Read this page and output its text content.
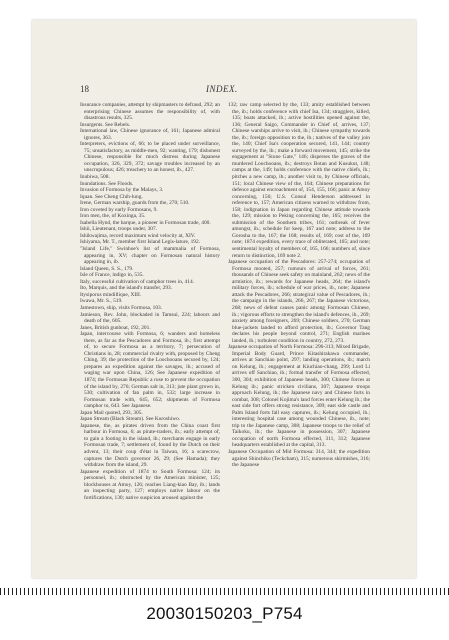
18	INDEX.

Insurance companies, attempt by shipmasters to defraud, 292; an enterprising Chinese assumes the responsibility of, with disastrous results, 325.

Insurgents. See Rebels.

International law, Chinese ignorance of, 161; Japanese admiral ignores, 363.

Interpreters, evictions of, 66; to be placed under surveillance, 75; unsatisfactory, as middle-men, 92; wanting, 179; dishonest Chinese, responsible for much distress during Japanese occupation, 326, 329, 372; savage troubles increased by an unscrupulous; 426; treachery to an honest, ib., 427.

Inubiwa, 508.

Inundations. See Floods.

Invasion of Formosa by the Malays, 3.

Iquan. See Cheng Chih-lung.

Irene, German warship, guards from the, 270; 510.

Iron coveted by early Formosans, 9.

Iron men, the, of Koxinga, 35.

Isabella Hynd, the barque, a pioneer in Formosan trade, 400.

Ishii, Lieutenant, troops under, 307.

Ishikwajima, record maximum wind velocity at, XIV.

Ishiyama, Mr. T., member first Island Legis-lature, 192.

"Island Life," Swinhoe's list of mammalia of Formosa, appearing in, XV; chapter on Formosan natural history appearing in, ib.

Island Queen, S. S., 179.

Isle of France, indigo in, 535.

Italy, successful cultivation of camphor trees in, 414.

Ito, Marquis, and the island's transfer, 293.

Itysiporus mindillique, XIII.

Iwawa, Mr. S., 519.

Jamestown, ship, visits Formosa, 103.

Jamieson, Rev. John, blockaded in Tamsui, 224; labours and death of the, 605.

Janes, British gunboat, 192, 201.

Japan, intercourse with Formosa, 6; wanders and homeless there, as far as the Pescadores and Formosa, ib.; first attempt of, to secure Formosa as a territory, 7; persecution of Christians in, 28; commercial rivalry with, proposed by Cheng Ching, 39; the protection of the Loochooans secured by, 124; prepares an expedition against the savages, ib.; accused of waging war upon China, 126; See Japanese expedition of 1874; the Formosan Republic a ruse to prevent the occupation of the island by, 276; German salt in, 313; jute plant grown in, 530; cultivation of fan palm in, 532; large increase in Formosan trade with, 645, 652; shipments of Formosa camphor to, 643. See Japanese.

Japan Mail quoted, 293, 305.

Japan Stream (Black Stream). See Kuroshiwo.

Japanese, the, as pirates driven from the China coast first harbour in Formosa, 6; as pirate-traders, ib.; early attempt of, to gain a footing in the island, ib.; merchants engage in early Formosan trade, 7; settlement of, found by the Dutch on their advent, 13; their coup d'état in Taiwan, 16; a scarecrow, captures the Dutch governor 26, 29; (See Hamada); they withdraw from the island, 29.

Japanese expedition of 1874 to South Formosa: 124; its personnel, ib.; obstructed by the American minister, 125; blockhouses at Amoy, 126; reaches Liang-kiao Bay, ib.; lands an inspecting party, 127; employs native labour on the fortifications, 130; native suspicion aroused against the

132; raw camp selected by the, 133; amity established between the, ib.; holds conference with chief Isa, 134; stragglers, killed, 135; boats attacked, ib.; active hostilities opened against the, 136; General Saigo, Commander in Chief of, arrives, 137; Chinese warships arrive to visit, ib.; Chinese sympathy towards the, ib.; foreign opposition to the, ib.; natives of the valley join the, 140; Chief Isa's cooperation secured, 141, 144; country surveyed by the, ib.; make a forward movement, 145; strike the engagement at "Stone Gate," 146; disperses the graves of the murdered Loochooans, ib.; destroys Botan and Kusukut, 148; camps at the, 149; holds conference with the native chiefs, ib.; pitches a new camp, ib.; another visit to, by Chinese officials, 151; local Chinese view of the, 164; Chinese preparations for defence against encroachment of, 154, 155, 166; panic at Amoy concerning, 156; U.S. Consul Henderson addressed in reference to, 157; American citizens warned to withdraw from, 158; indignation in Japan regarding Chinese attitude towards the, 129; mission to Peking concerning the, 165; receives the submission of the Southern tribes, 161; outbreak of fever amongst, ib.; schedule for keep, 167 and note; address to the Gorosha to the, 167; the 168; results of, 169; cost of the, 169 note; 1874 expedition, every trace of obliterated, 165; and note; sentimental loyalty of members of, 165, 166; numbers of, since return to distinction, 169 note 2.

Japanese occupation of the Pescadores: 257-274; occupation of Formosa mooted, 257; rumours of arrival of forces, 261; thousands of Chinese seek safety on mainland, 262; news of the armistice, ib.; rewards for Japanese heads, 264; the island's military forces, ib.; schedule of war prices, ib., note; Japanese attack the Pescadores, 266; strategical value of Pescadores, ib.; the campaign in the islands, 266, 267; the Japanese victorious, 268; news of defeat causes panic among Formosan Chinese, ib.; vigorous efforts to strengthen the island's defences, ib., 269; anxiety among foreigners, 269; Chinese soldiers, 270; German blue-jackets landed to afford protection, ib.; Governor Tang declares his people beyond control, 271; English marines landed, ib.; turbulent condition in country, 272, 273.

Japanese occupation of North Formosa: 296-313; Mixed Brigade, Imperial Body Guard, Prince Kitashirakawa commander, arrives at Sanchiao point, 297; landing operations, ib.; march on Kelung, ib.; engagement at Kiuchiao-chang, 299; Lord Li arrives off Sanchiao, ib.; formal transfer of Formosa effected, 300, 304; exhibition of Japanese heads, 300; Chinese forces at Kelung ib.; panic stricken civilians, 307; Japanese troops approach Kelung, ib.; the Japanese navy and Chinese forts in combat, 308; Colonel Kojima's land forces enter Kelung ib.; the east side fort offers strong resistance, 309; east side castle and Palm Island forts fall easy captures, ib.; Kelung occupied, ib.; interesting hospital case among wounded Chinese, ib., note; trip to the Japanese camp, 308; Japanese troops to the relief of Taikoku, ib.; the Japanese in possession, 307; Japanese occupation of north Formosa effected, 311, 312; Japanese headquarters established at the capital, 313.

Japanese Occupation of Mid Formosa: 314, 344; the expedition against Shinchiku (Teckcham), 315; numerous skirmishes, 316; the Japanese

20030150203_P754
